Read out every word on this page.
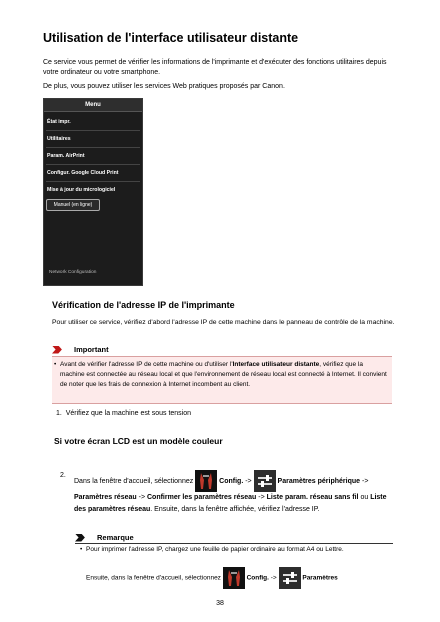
Utilisation de l'interface utilisateur distante
Ce service vous permet de vérifier les informations de l'imprimante et d'exécuter des fonctions utilitaires depuis votre ordinateur ou votre smartphone.
De plus, vous pouvez utiliser les services Web pratiques proposés par Canon.
Menu
État impr.
Utilitaires
Param. AirPrint
Configur. Google Cloud Print
Mise à jour du micrologiciel
Manuel (en ligne)
Network Configuration
Vérification de l'adresse IP de l'imprimante
Pour utiliser ce service, vérifiez d'abord l'adresse IP de cette machine dans le panneau de contrôle de la machine.
Important
• Avant de vérifier l'adresse IP de cette machine ou d'utiliser l'Interface utilisateur distante, vérifiez que la machine est connectée au réseau local et que l'environnement de réseau local est connecté à Internet. Il convient de noter que les frais de connexion à Internet incombent au client.
1. Vérifiez que la machine est sous tension
Si votre écran LCD est un modèle couleur
2.
Dans la fenêtre d'accueil, sélectionnez	Config. ->	Paramètres périphérique -> Paramètres réseau -> Confirmer les paramètres réseau -> Liste param. réseau sans fil ou Liste des paramètres réseau. Ensuite, dans la fenêtre affichée, vérifiez l'adresse IP.
Remarque
• Pour imprimer l'adresse IP, chargez une feuille de papier ordinaire au format A4 ou Lettre.
Ensuite, dans la fenêtre d'accueil, sélectionnez	Config. ->	Paramètres
38
